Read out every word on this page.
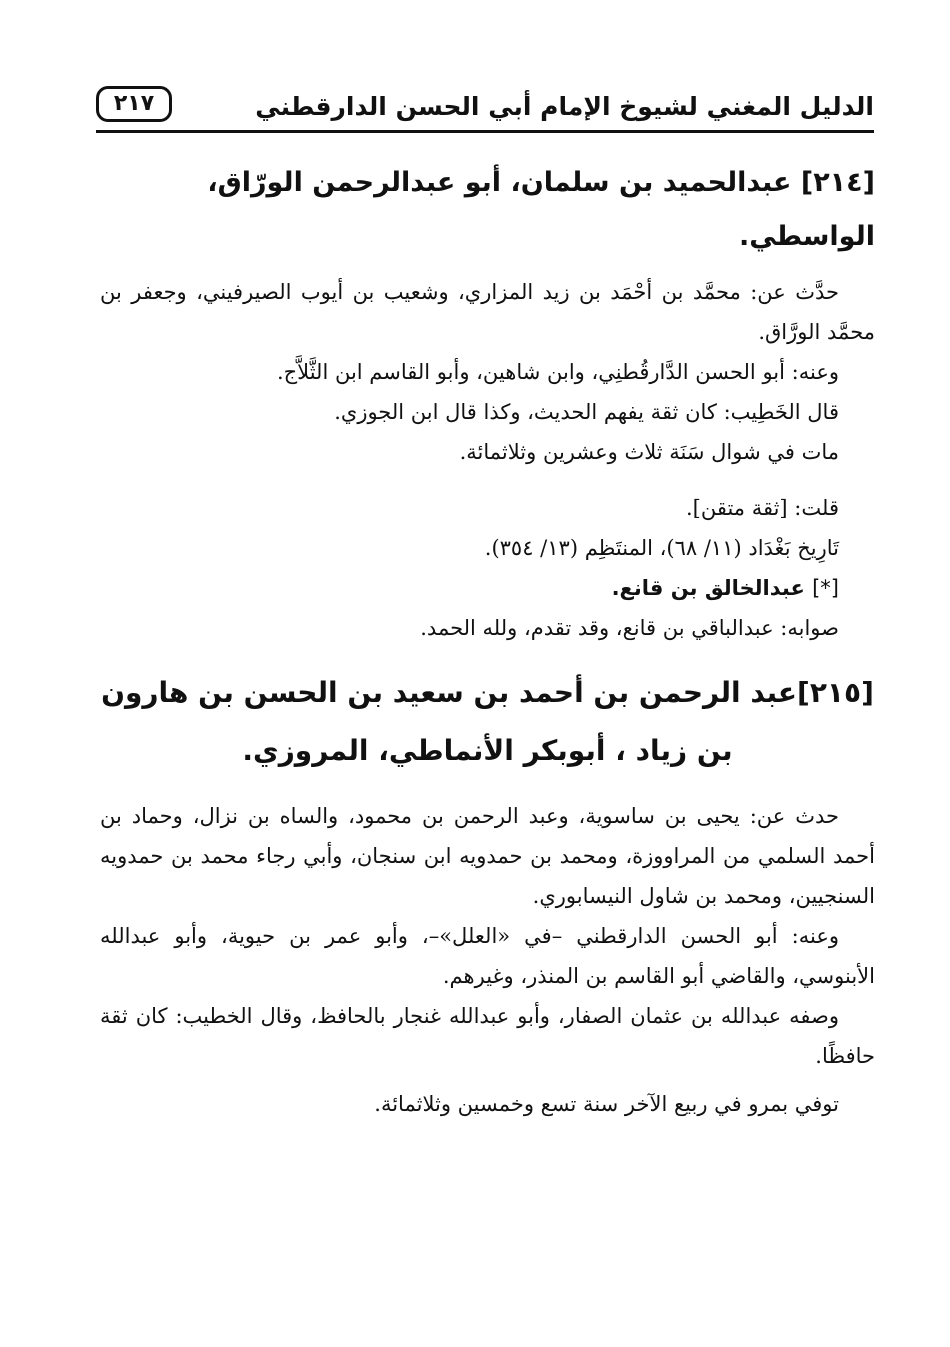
الدليل المغني لشيوخ الإمام أبي الحسن الدارقطني
٢١٧
[٢١٤] عبدالحميد بن سلمان، أبو عبدالرحمن الورّاق، الواسطي.

حدَّث عن: محمَّد بن أحْمَد بن زيد المزاري، وشعيب بن أيوب الصيرفيني، وجعفر بن محمَّد الورَّاق.

وعنه: أبو الحسن الدَّارقُطنِي، وابن شاهين، وأبو القاسم ابن الثَّلاَّج.

قال الخَطِيب: كان ثقة يفهم الحديث، وكذا قال ابن الجوزي.

مات في شوال سَنَة ثلاث وعشرين وثلاثمائة.

قلت: [ثقة متقن].

تَارِيخ بَغْدَاد (١١/ ٦٨)، المنتَظِم (١٣/ ٣٥٤).

[*] عبدالخالق بن قانع.

صوابه: عبدالباقي بن قانع، وقد تقدم، ولله الحمد.

[٢١٥]عبد الرحمن بن أحمد بن سعيد بن الحسن بن هارون بن زياد ، أبوبكر الأنماطي، المروزي.

حدث عن: يحيى بن ساسوية، وعبد الرحمن بن محمود، والساه بن نزال، وحماد بن أحمد السلمي من المراووزة، ومحمد بن حمدويه ابن سنجان، وأبي رجاء محمد بن حمدويه السنجيين، ومحمد بن شاول النيسابوري.

وعنه: أبو الحسن الدارقطني –في «العلل»–، وأبو عمر بن حيوية، وأبو عبدالله الأبنوسي، والقاضي أبو القاسم بن المنذر، وغيرهم.

وصفه عبدالله بن عثمان الصفار، وأبو عبدالله غنجار بالحافظ، وقال الخطيب: كان ثقة حافظًا.

توفي بمرو في ربيع الآخر سنة تسع وخمسين وثلاثمائة.
